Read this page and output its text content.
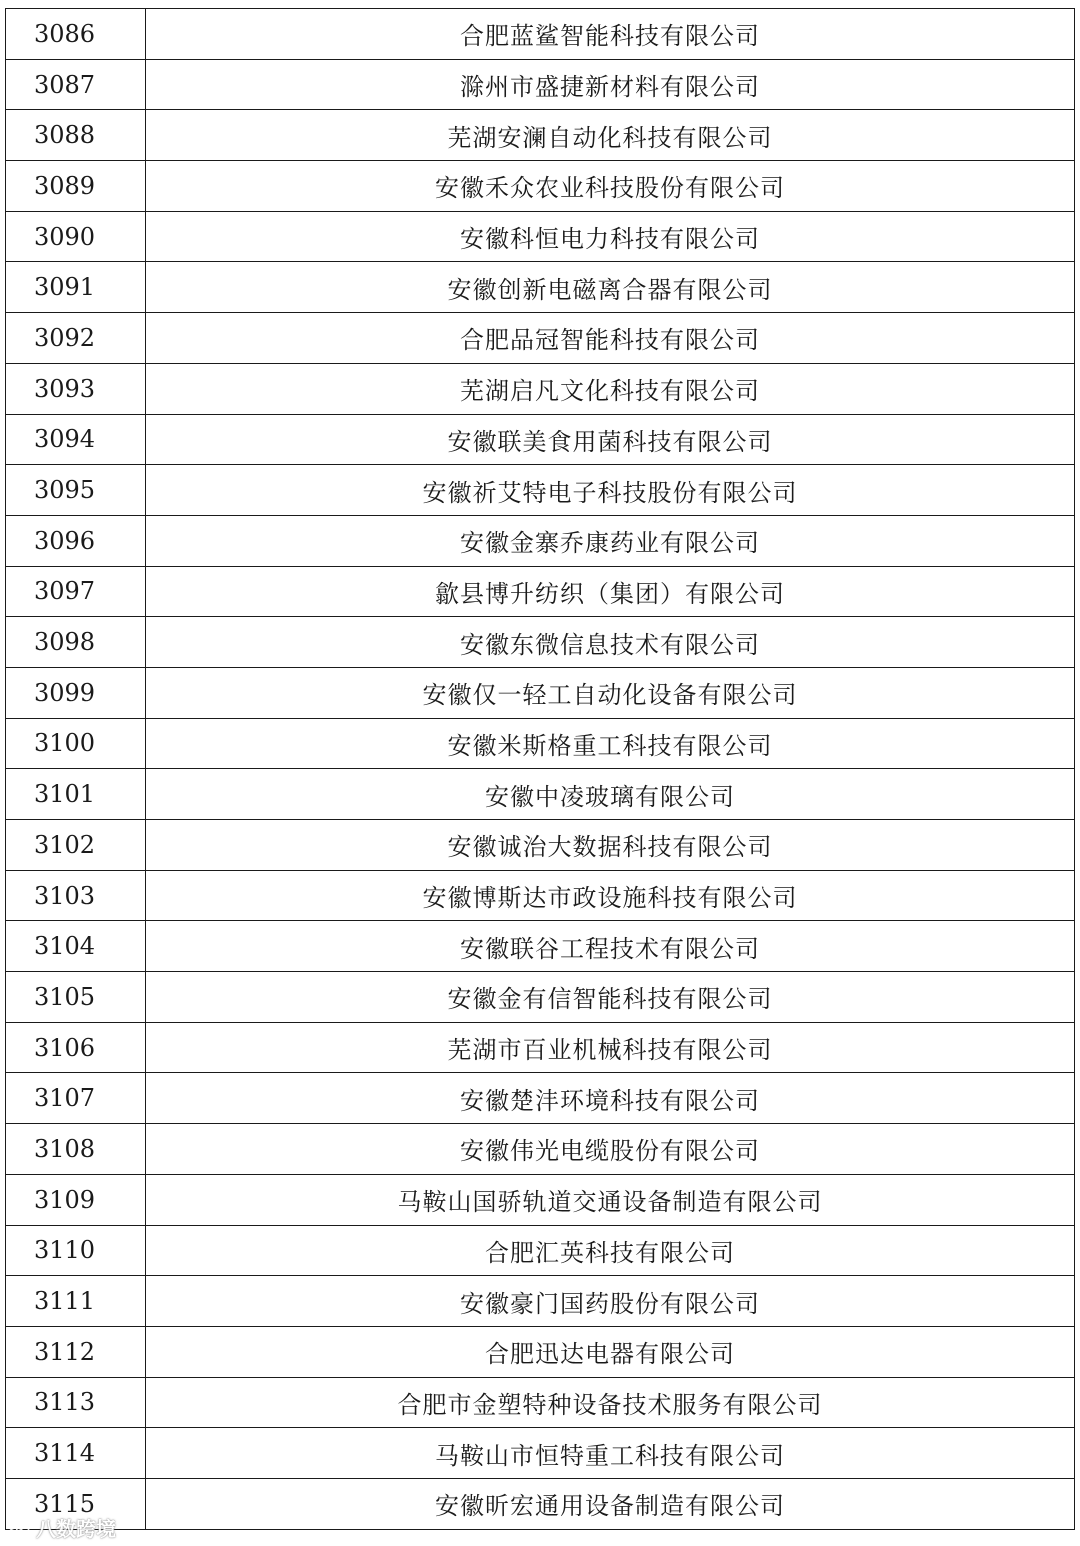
3086	合肥蓝鲨智能科技有限公司
3087	滁州市盛捷新材料有限公司
3088	芜湖安澜自动化科技有限公司
3089	安徽禾众农业科技股份有限公司
3090	安徽科恒电力科技有限公司
3091	安徽创新电磁离合器有限公司
3092	合肥品冠智能科技有限公司
3093	芜湖启凡文化科技有限公司
3094	安徽联美食用菌科技有限公司
3095	安徽祈艾特电子科技股份有限公司
3096	安徽金寨乔康药业有限公司
3097	歙县博升纺织（集团）有限公司
3098	安徽东微信息技术有限公司
3099	安徽仅一轻工自动化设备有限公司
3100	安徽米斯格重工科技有限公司
3101	安徽中凌玻璃有限公司
3102	安徽诚治大数据科技有限公司
3103	安徽博斯达市政设施科技有限公司
3104	安徽联谷工程技术有限公司
3105	安徽金有信智能科技有限公司
3106	芜湖市百业机械科技有限公司
3107	安徽楚沣环境科技有限公司
3108	安徽伟光电缆股份有限公司
3109	马鞍山国骄轨道交通设备制造有限公司
3110	合肥汇英科技有限公司
3111	安徽豪门国药股份有限公司
3112	合肥迅达电器有限公司
3113	合肥市金塑特种设备技术服务有限公司
3114	马鞍山市恒特重工科技有限公司
3115	安徽昕宏通用设备制造有限公司
八数跨境
